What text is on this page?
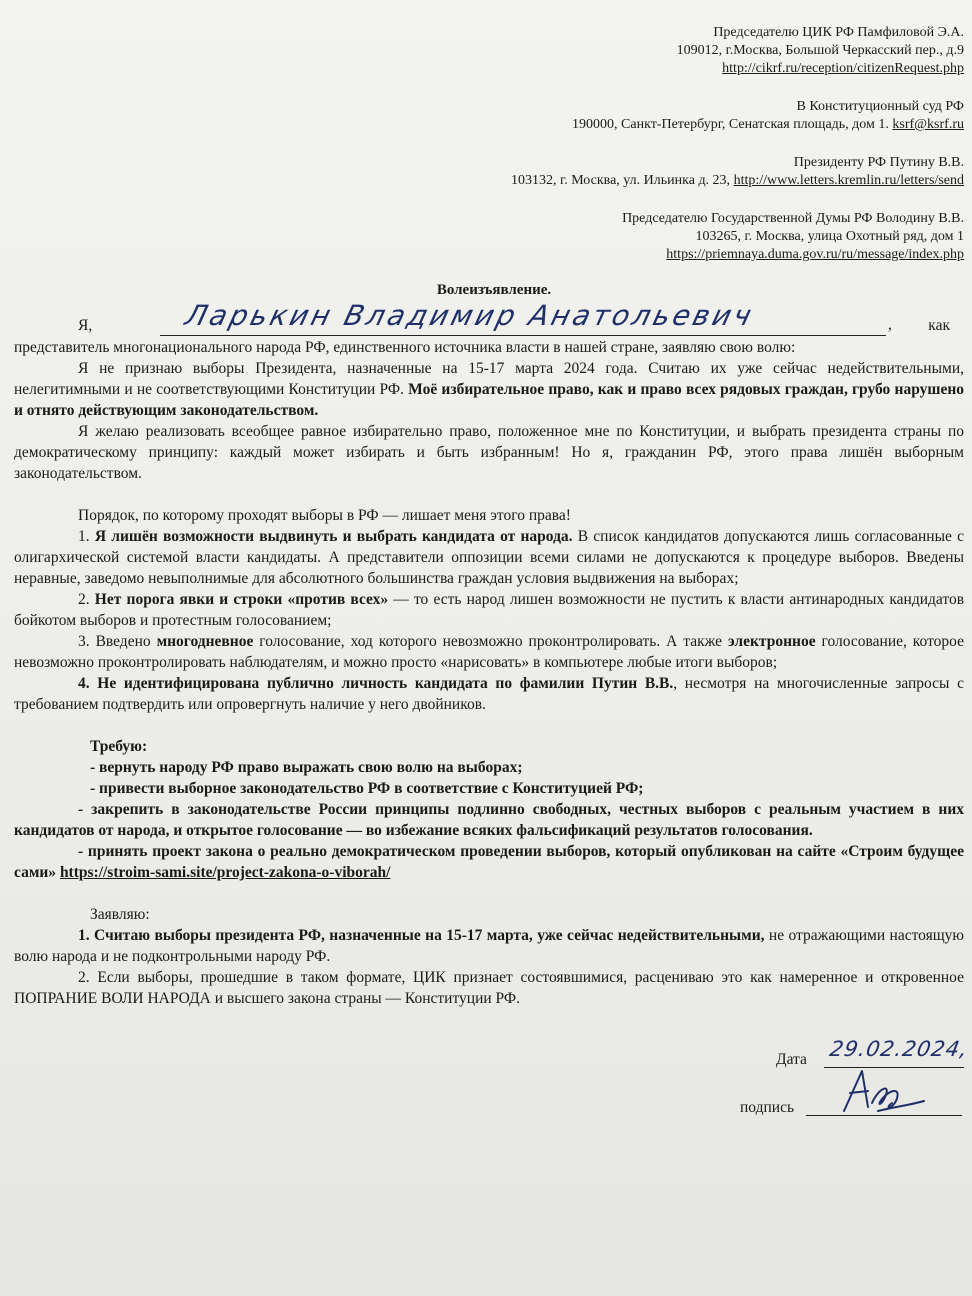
Председателю ЦИК РФ Памфиловой Э.А.
109012, г.Москва, Большой Черкасский пер., д.9
http://cikrf.ru/reception/citizenRequest.php
В Конституционный суд РФ
190000, Санкт-Петербург, Сенатская площадь, дом 1. ksrf@ksrf.ru
Президенту РФ Путину В.В.
103132, г. Москва, ул. Ильинка д. 23, http://www.letters.kremlin.ru/letters/send
Председателю Государственной Думы РФ Володину В.В.
103265, г. Москва, улица Охотный ряд, дом 1
https://priemnaya.duma.gov.ru/ru/message/index.php
Волеизъявление.
Я,	Ларькин Владимир Анатольевич	, как

представитель многонационального народа РФ, единственного источника власти в нашей стране, заявляю свою волю:

Я не признаю выборы Президента, назначенные на 15-17 марта 2024 года. Считаю их уже сейчас недействительными, нелегитимными и не соответствующими Конституции РФ. Моё избирательное право, как и право всех рядовых граждан, грубо нарушено и отнято действующим законодательством.

Я желаю реализовать всеобщее равное избирательно право, положенное мне по Конституции, и выбрать президента страны по демократическому принципу: каждый может избирать и быть избранным! Но я, гражданин РФ, этого права лишён выборным законодательством.

Порядок, по которому проходят выборы в РФ — лишает меня этого права!

1. Я лишён возможности выдвинуть и выбрать кандидата от народа. В список кандидатов допускаются лишь согласованные с олигархической системой власти кандидаты. А представители оппозиции всеми силами не допускаются к процедуре выборов. Введены неравные, заведомо невыполнимые для абсолютного большинства граждан условия выдвижения на выборах;

2. Нет порога явки и строки «против всех» — то есть народ лишен возможности не пустить к власти антинародных кандидатов бойкотом выборов и протестным голосованием;

3. Введено многодневное голосование, ход которого невозможно проконтролировать. А также электронное голосование, которое невозможно проконтролировать наблюдателям, и можно просто «нарисовать» в компьютере любые итоги выборов;

4. Не идентифицирована публично личность кандидата по фамилии Путин В.В., несмотря на многочисленные запросы с требованием подтвердить или опровергнуть наличие у него двойников.

Требую:

- вернуть народу РФ право выражать свою волю на выборах;

- привести выборное законодательство РФ в соответствие с Конституцией РФ;

- закрепить в законодательстве России принципы подлинно свободных, честных выборов с реальным участием в них кандидатов от народа, и открытое голосование — во избежание всяких фальсификаций результатов голосования.

- принять проект закона о реально демократическом проведении выборов, который опубликован на сайте «Строим будущее сами» https://stroim-sami.site/project-zakona-o-viborah/

Заявляю:

1. Считаю выборы президента РФ, назначенные на 15-17 марта, уже сейчас недействительными, не отражающими настоящую волю народа и не подконтрольными народу РФ.

2. Если выборы, прошедшие в таком формате, ЦИК признает состоявшимися, расцениваю это как намеренное и откровенное ПОПРАНИЕ ВОЛИ НАРОДА и высшего закона страны — Конституции РФ.

Дата 29.02.2024,
подпись
